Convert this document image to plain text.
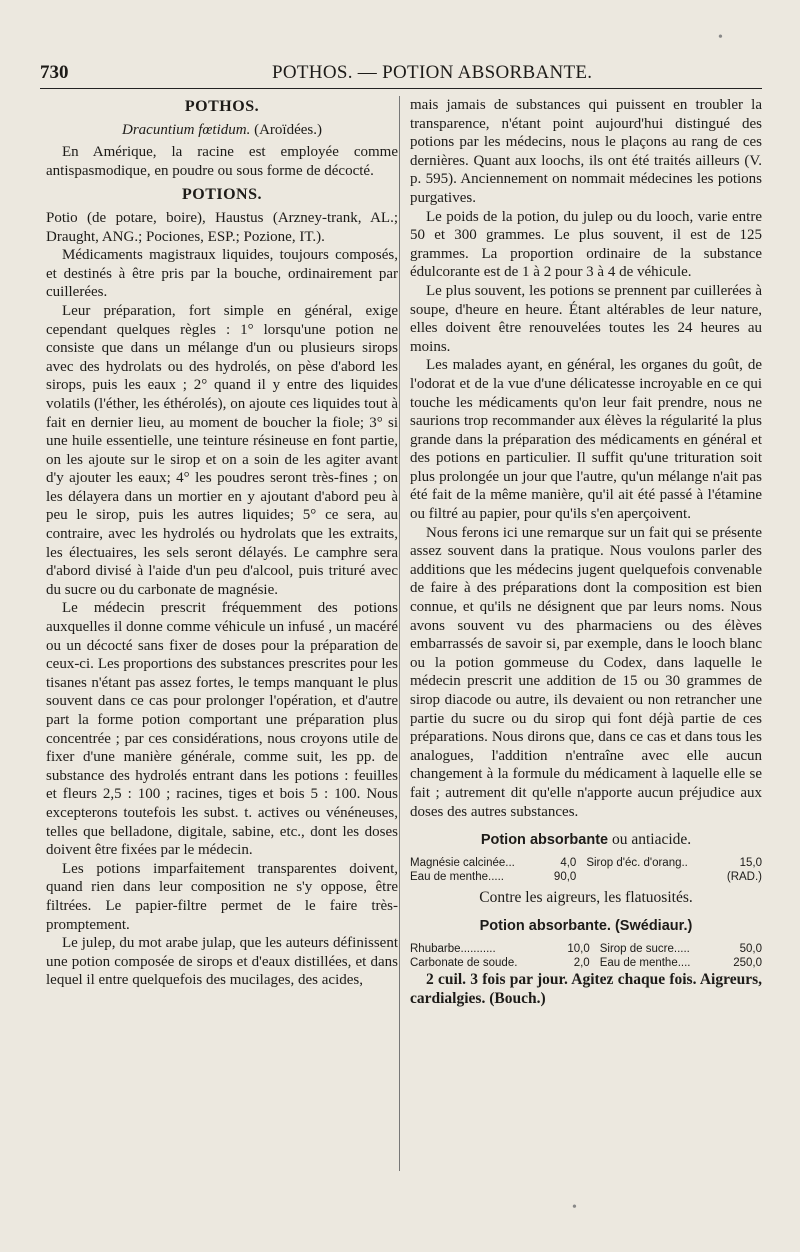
730	POTHOS. — POTION ABSORBANTE.
POTHOS.
Dracuntium fœtidum. (Aroïdées.)

En Amérique, la racine est employée comme antispasmodique, en poudre ou sous forme de décocté.

POTIONS.

Potio (de potare, boire), Haustus (Arzney-trank, AL.; Draught, ANG.; Pociones, ESP.; Pozione, IT.).

Médicaments magistraux liquides, toujours composés, et destinés à être pris par la bouche, ordinairement par cuillerées.

Leur préparation, fort simple en général, exige cependant quelques règles : 1° lorsqu'une potion ne consiste que dans un mélange d'un ou plusieurs sirops avec des hydrolats ou des hydrolés, on pèse d'abord les sirops, puis les eaux ; 2° quand il y entre des liquides volatils (l'éther, les éthérolés), on ajoute ces liquides tout à fait en dernier lieu, au moment de boucher la fiole; 3° si une huile essentielle, une teinture résineuse en font partie, on les ajoute sur le sirop et on a soin de les agiter avant d'y ajouter les eaux; 4° les poudres seront très-fines ; on les délayera dans un mortier en y ajoutant d'abord peu à peu le sirop, puis les autres liquides; 5° ce sera, au contraire, avec les hydrolés ou hydrolats que les extraits, les électuaires, les sels seront délayés. Le camphre sera d'abord divisé à l'aide d'un peu d'alcool, puis trituré avec du sucre ou du carbonate de magnésie.

Le médecin prescrit fréquemment des potions auxquelles il donne comme véhicule un infusé , un macéré ou un décocté sans fixer de doses pour la préparation de ceux-ci. Les proportions des substances prescrites pour les tisanes n'étant pas assez fortes, le temps manquant le plus souvent dans ce cas pour prolonger l'opération, et d'autre part la forme potion comportant une préparation plus concentrée ; par ces considérations, nous croyons utile de fixer d'une manière générale, comme suit, les pp. de substance des hydrolés entrant dans les potions : feuilles et fleurs 2,5 : 100 ; racines, tiges et bois 5 : 100. Nous excepterons toutefois les subst. t. actives ou vénéneuses, telles que belladone, digitale, sabine, etc., dont les doses doivent être fixées par le médecin.

Les potions imparfaitement transparentes doivent, quand rien dans leur composition ne s'y oppose, être filtrées. Le papier-filtre permet de le faire très-promptement.

Le julep, du mot arabe julap, que les auteurs définissent une potion composée de sirops et d'eaux distillées, et dans lequel il entre quelquefois des mucilages, des acides,

mais jamais de substances qui puissent en troubler la transparence, n'étant point aujourd'hui distingué des potions par les médecins, nous le plaçons au rang de ces dernières. Quant aux loochs, ils ont été traités ailleurs (V. p. 595). Anciennement on nommait médecines les potions purgatives.

Le poids de la potion, du julep ou du looch, varie entre 50 et 300 grammes. Le plus souvent, il est de 125 grammes. La proportion ordinaire de la substance édulcorante est de 1 à 2 pour 3 à 4 de véhicule.

Le plus souvent, les potions se prennent par cuillerées à soupe, d'heure en heure. Étant altérables de leur nature, elles doivent être renouvelées toutes les 24 heures au moins.

Les malades ayant, en général, les organes du goût, de l'odorat et de la vue d'une délicatesse incroyable en ce qui touche les médicaments qu'on leur fait prendre, nous ne saurions trop recommander aux élèves la régularité la plus grande dans la préparation des médicaments en général et des potions en particulier. Il suffit qu'une trituration soit plus prolongée un jour que l'autre, qu'un mélange n'ait pas été fait de la même manière, qu'il ait été passé à l'étamine ou filtré au papier, pour qu'ils s'en aperçoivent.

Nous ferons ici une remarque sur un fait qui se présente assez souvent dans la pratique. Nous voulons parler des additions que les médecins jugent quelquefois convenable de faire à des préparations dont la composition est bien connue, et qu'ils ne désignent que par leurs noms. Nous avons souvent vu des pharmaciens ou des élèves embarrassés de savoir si, par exemple, dans le looch blanc ou la potion gommeuse du Codex, dans laquelle le médecin prescrit une addition de 15 ou 30 grammes de sirop diacode ou autre, ils devaient ou non retrancher une partie du sucre ou du sirop qui font déjà partie de ces préparations. Nous dirons que, dans ce cas et dans tous les analogues, l'addition n'entraîne avec elle aucun changement à la formule du médicament à laquelle elle se fait ; autrement dit qu'elle n'apporte aucun préjudice aux doses des autres substances.

Potion absorbante ou antiacide.
Magnésie calcinée...	4,0	Sirop d'éc. d'orang..	15,0
Eau de menthe.....	90,0		(RAD.)
Contre les aigreurs, les flatuosités.
Potion absorbante. (Swédiaur.)
Rhubarbe...........	10,0	Sirop de sucre.....	50,0
Carbonate de soude.	2,0	Eau de menthe....	250,0

2 cuil. 3 fois par jour. Agitez chaque fois. Aigreurs, cardialgies. (Bouch.)

•
•
